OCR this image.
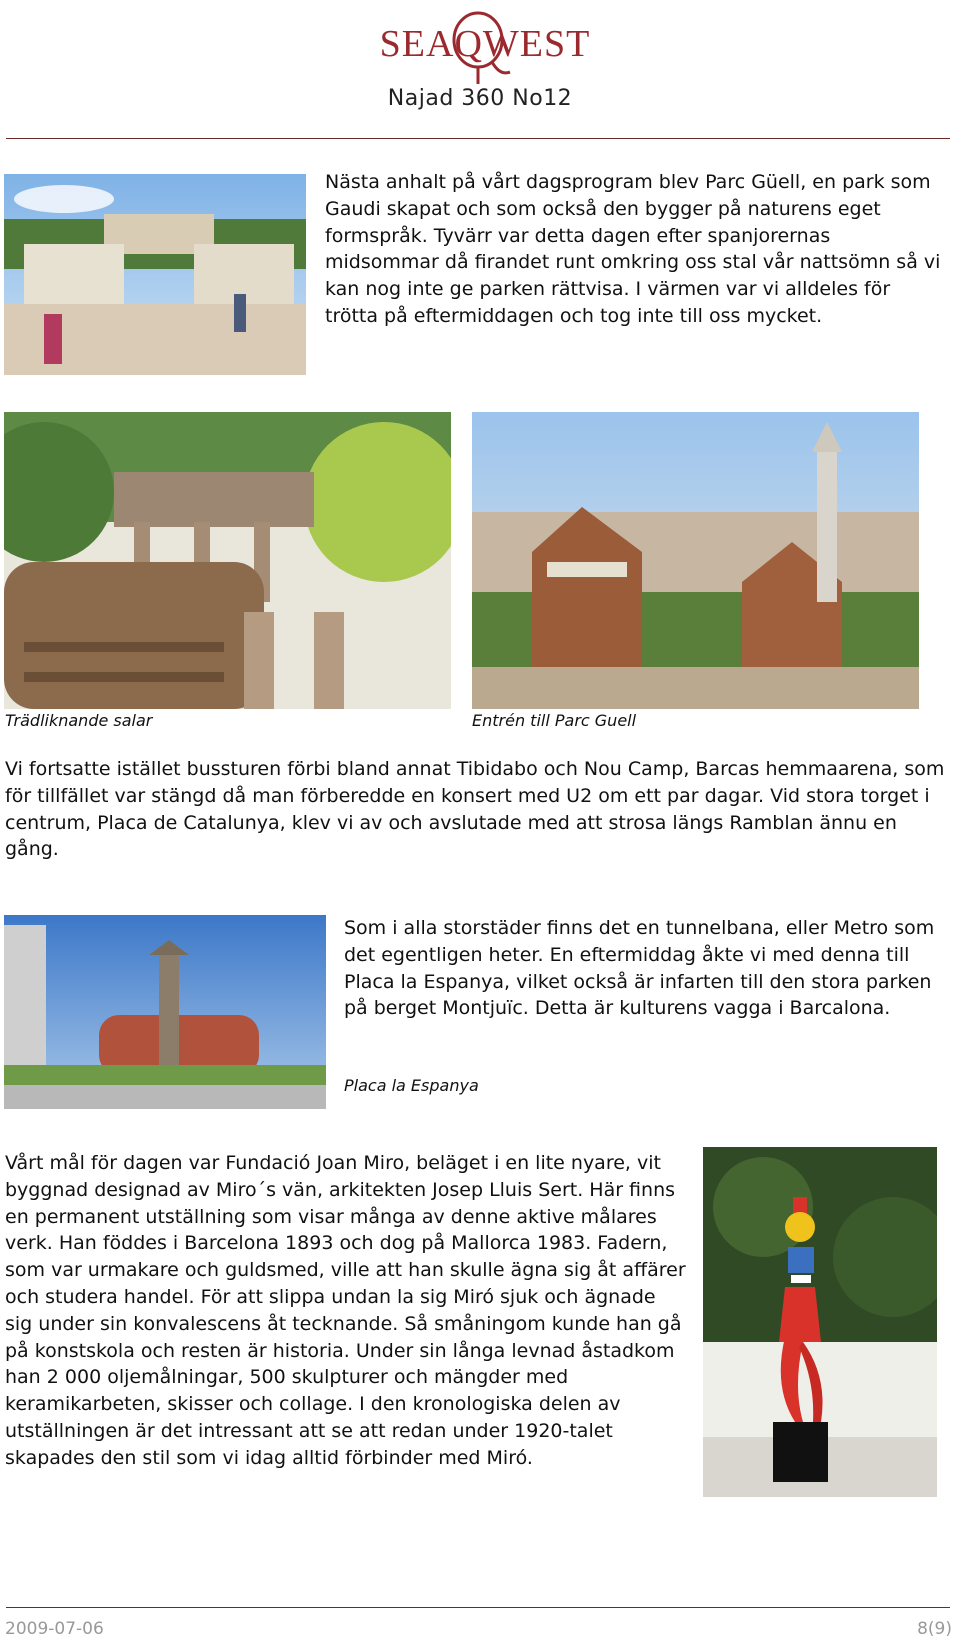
SEAQWEST
Najad 360 No12

Nästa anhalt på vårt dagsprogram blev Parc Güell, en park som Gaudi skapat och som också den bygger på naturens eget formspråk. Tyvärr var detta dagen efter spanjorernas midsommar då firandet runt omkring oss stal vår nattsömn så vi kan nog inte ge parken rättvisa. I värmen var vi alldeles för trötta på eftermiddagen och tog inte till oss mycket.

Trädliknande salar	Entrén till Parc Guell

Vi fortsatte istället bussturen förbi bland annat Tibidabo och Nou Camp, Barcas hemmaarena, som för tillfället var stängd då man förberedde en konsert med U2 om ett par dagar. Vid stora torget i centrum, Placa de Catalunya, klev vi av och avslutade med att strosa längs Ramblan ännu en gång.

Som i alla storstäder finns det en tunnelbana, eller Metro som det egentligen heter. En eftermiddag åkte vi med denna till Placa la Espanya, vilket också är infarten till den stora parken på berget Montjuïc. Detta är kulturens vagga i Barcalona.

Placa la Espanya

Vårt mål för dagen var Fundació Joan Miro, beläget i en lite nyare, vit byggnad designad av Miro´s vän, arkitekten Josep Lluis Sert. Här finns en permanent utställning som visar många av denne aktive målares verk. Han föddes i Barcelona 1893 och dog på Mallorca 1983. Fadern, som var urmakare och guldsmed, ville att han skulle ägna sig åt affärer och studera handel. För att slippa undan la sig Miró sjuk och ägnade sig under sin konvalescens åt tecknande. Så småningom kunde han gå på konstskola och resten är historia. Under sin långa levnad åstadkom han 2 000 oljemålningar, 500 skulpturer och mängder med keramikarbeten, skisser och collage. I den kronologiska delen av utställningen är det intressant att se att redan under 1920-talet skapades den stil som vi idag alltid förbinder med Miró.

2009-07-06	8(9)
